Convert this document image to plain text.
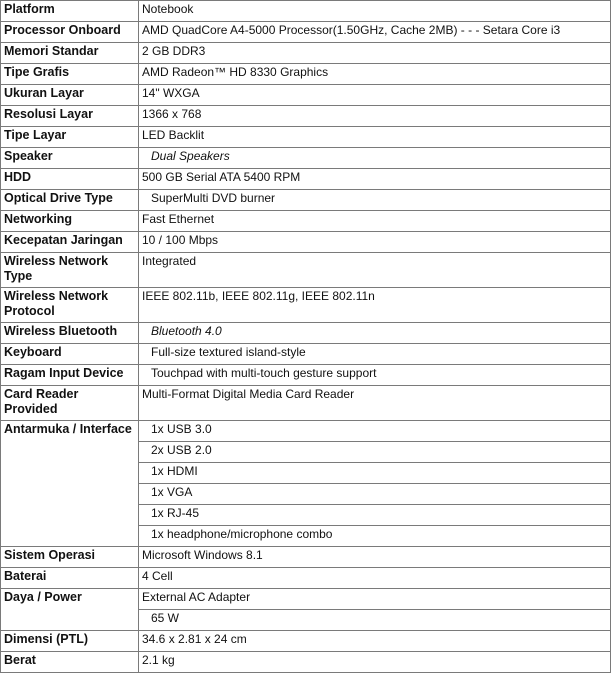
Platform	Notebook
Processor Onboard	AMD QuadCore A4-5000 Processor(1.50GHz, Cache 2MB) - - - Setara Core i3
Memori Standar	2 GB DDR3
Tipe Grafis	AMD Radeon™ HD 8330 Graphics
Ukuran Layar	14" WXGA
Resolusi Layar	1366 x 768
Tipe Layar	LED Backlit
Speaker	Dual Speakers
HDD	500 GB Serial ATA 5400 RPM
Optical Drive Type	SuperMulti DVD burner
Networking	Fast Ethernet
Kecepatan Jaringan	10 / 100 Mbps
Wireless Network Type	Integrated
Wireless Network Protocol	IEEE 802.11b, IEEE 802.11g, IEEE 802.11n
Wireless Bluetooth	Bluetooth 4.0
Keyboard	Full-size textured island-style
Ragam Input Device	Touchpad with multi-touch gesture support
Card Reader Provided	Multi-Format Digital Media Card Reader
Antarmuka / Interface	1x USB 3.0
	2x USB 2.0
	1x HDMI
	1x VGA
	1x RJ-45
	1x headphone/microphone combo
Sistem Operasi	Microsoft Windows 8.1
Baterai	4 Cell
Daya / Power	External AC Adapter
	65 W
Dimensi (PTL)	34.6 x 2.81 x 24 cm
Berat	2.1 kg
